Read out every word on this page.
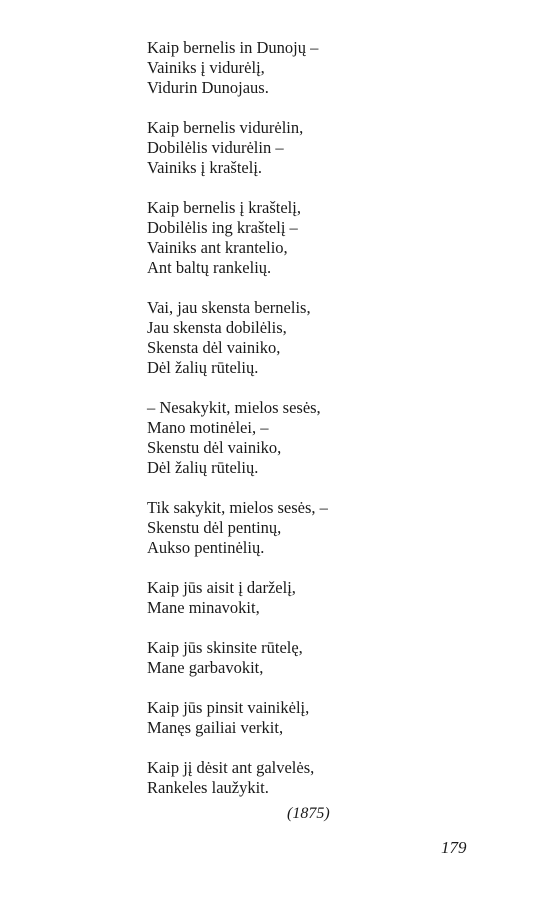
Kaip bernelis in Dunojų –
Vainiks į vidurėlį,
Vidurin Dunojaus.
Kaip bernelis vidurėlin,
Dobilėlis vidurėlin –
Vainiks į kraštelį.
Kaip bernelis į kraštelį,
Dobilėlis ing kraštelį –
Vainiks ant krantelio,
Ant baltų rankelių.
Vai, jau skensta bernelis,
Jau skensta dobilėlis,
Skensta dėl vainiko,
Dėl žalių rūtelių.
– Nesakykit, mielos sesės,
Mano motinėlei, –
Skenstu dėl vainiko,
Dėl žalių rūtelių.
Tik sakykit, mielos sesės, –
Skenstu dėl pentinų,
Aukso pentinėlių.
Kaip jūs aisit į darželį,
Mane minavokit,
Kaip jūs skinsite rūtelę,
Mane garbavokit,
Kaip jūs pinsit vainikėlį,
Manęs gailiai verkit,
Kaip jį dėsit ant galvelės,
Rankeles laužykit.
(1875)
179
